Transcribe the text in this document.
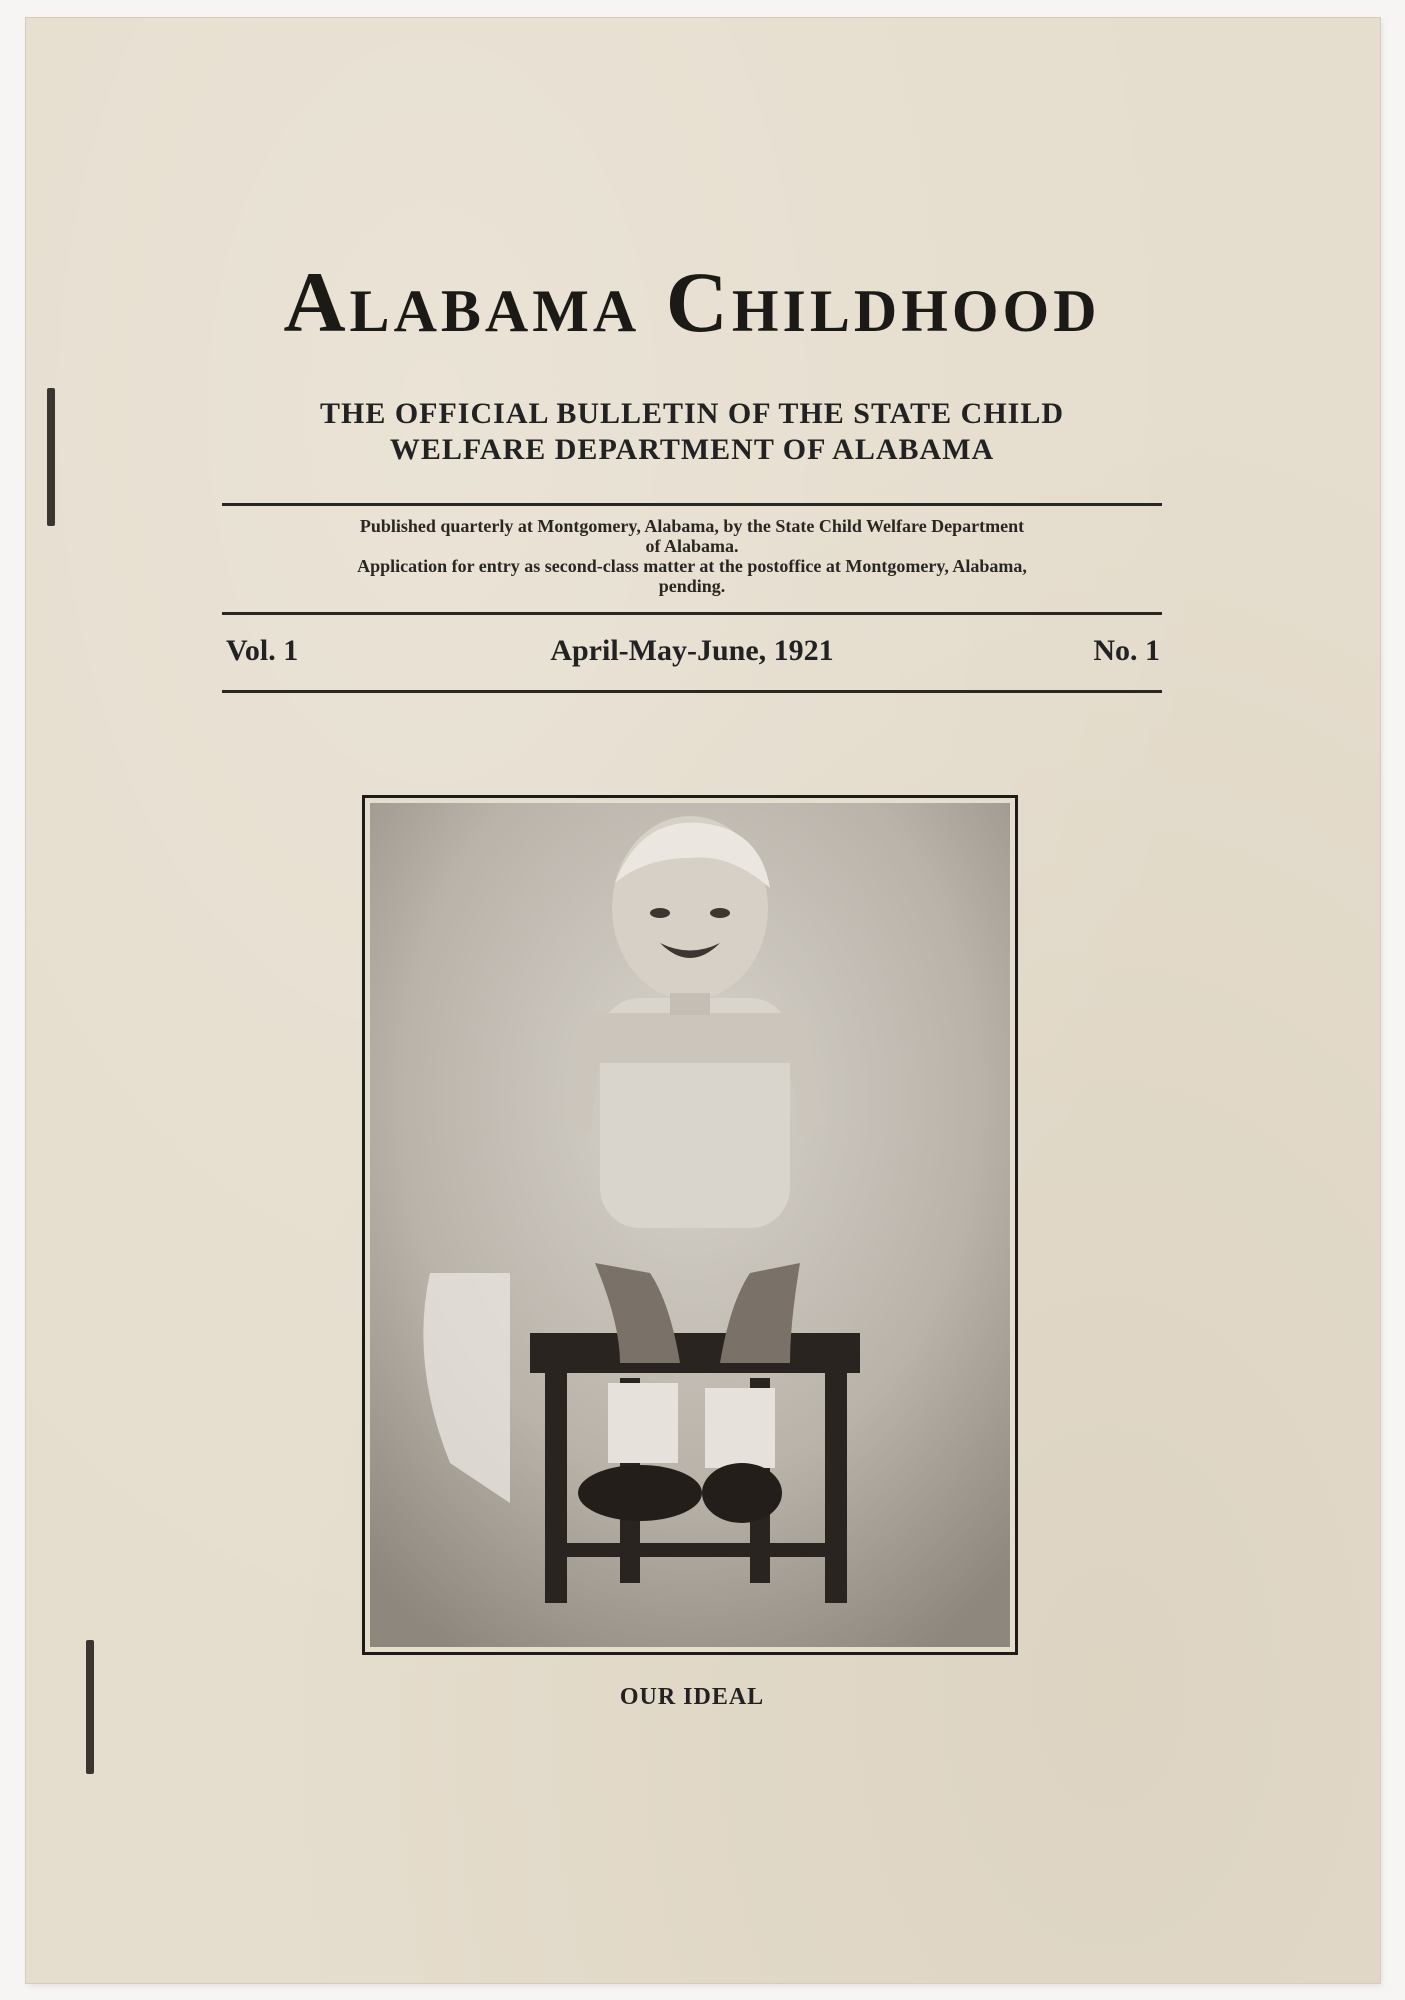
Alabama Childhood
THE OFFICIAL BULLETIN OF THE STATE CHILD
WELFARE DEPARTMENT OF ALABAMA

Published quarterly at Montgomery, Alabama, by the State Child Welfare Department

of Alabama.

Application for entry as second-class matter at the postoffice at Montgomery, Alabama,

pending.

April-May-June, 1921
Vol. 1	No. 1

OUR IDEAL
